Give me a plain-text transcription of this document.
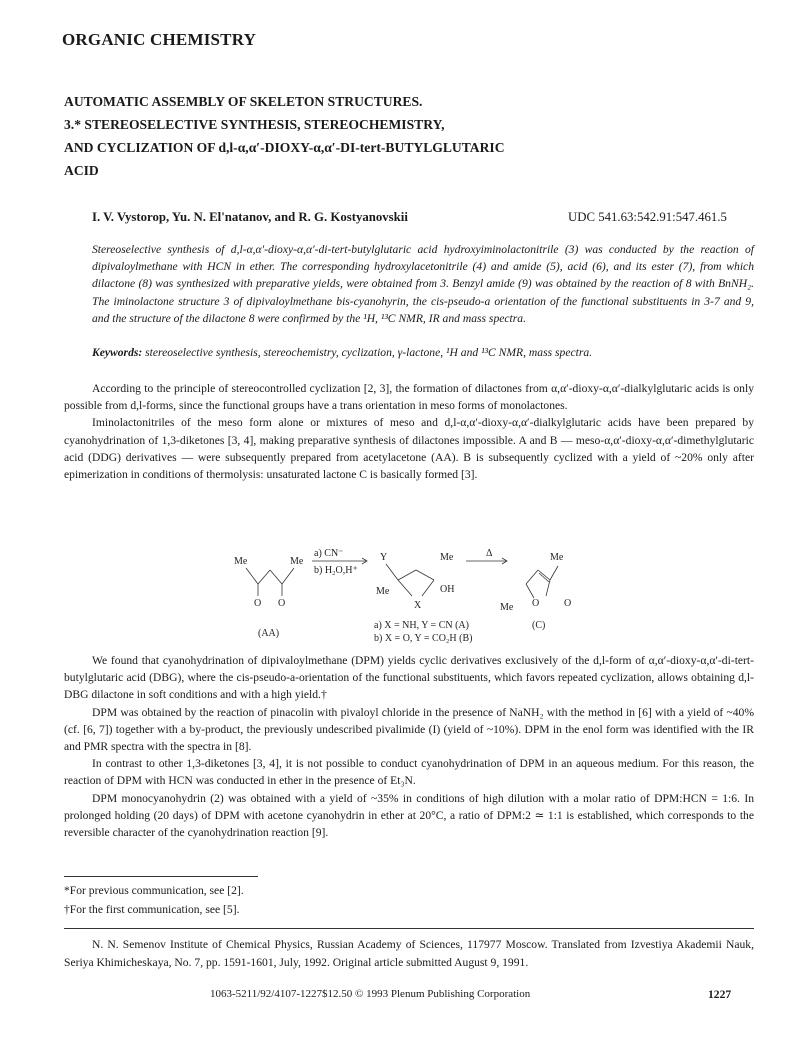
ORGANIC CHEMISTRY
AUTOMATIC ASSEMBLY OF SKELETON STRUCTURES.
3.* STEREOSELECTIVE SYNTHESIS, STEREOCHEMISTRY,
AND CYCLIZATION OF d,l-α,α′-DIOXY-α,α′-DI-tert-BUTYLGLUTARIC
ACID
I. V. Vystorop, Yu. N. El'natanov, and R. G. Kostyanovskii	UDC 541.63:542.91:547.461.5
Stereoselective synthesis of d,l-α,α′-dioxy-α,α′-di-tert-butylglutaric acid hydroxyiminolactonitrile (3) was conducted by the reaction of dipivaloylmethane with HCN in ether. The corresponding hydroxylacetonitrile (4) and amide (5), acid (6), and its ester (7), from which dilactone (8) was synthesized with preparative yields, were obtained from 3. Benzyl amide (9) was obtained by the reaction of 8 with BnNH₂. The iminolactone structure 3 of dipivaloylmethane bis-cyanohyrin, the cis-pseudo-a orientation of the functional substituents in 3-7 and 9, and the structure of the dilactone 8 were confirmed by the ¹H, ¹³C NMR, IR and mass spectra.
Keywords: stereoselective synthesis, stereochemistry, cyclization, γ-lactone, ¹H and ¹³C NMR, mass spectra.

According to the principle of stereocontrolled cyclization [2, 3], the formation of dilactones from α,α′-dioxy-α,α′-dialkylglutaric acids is only possible from d,l-forms, since the functional groups have a trans orientation in meso forms of monolactones.

Iminolactonitriles of the meso form alone or mixtures of meso and d,l-α,α′-dioxy-α,α′-dialkylglutaric acids have been prepared by cyanohydrination of 1,3-diketones [3, 4], making preparative synthesis of dilactones impossible. A and B — meso-α,α′-dioxy-α,α′-dimethylglutaric acid (DDG) derivatives — were subsequently prepared from acetylacetone (AA). B is subsequently cyclized with a yield of ~20% only after epimerization in conditions of thermolysis: unsaturated lactone C is basically formed [3].

Me	Me
O O
(AA)
a) CN⁻
b) H₂O,H⁺
Y	Me
Me	OH
X
a) X = NH, Y = CN (A)
b) X = O, Y = CO₂H (B)
Δ	Me
Me O O
(C)

We found that cyanohydrination of dipivaloylmethane (DPM) yields cyclic derivatives exclusively of the d,l-form of α,α′-dioxy-α,α′-di-tert-butylglutaric acid (DBG), where the cis-pseudo-a-orientation of the functional substituents, which favors repeated cyclization, allows obtaining d,l-DBG dilactone in soft conditions and with a high yield.†

DPM was obtained by the reaction of pinacolin with pivaloyl chloride in the presence of NaNH₂ with the method in [6] with a yield of ~40% (cf. [6, 7]) together with a by-product, the previously undescribed pivalimide (I) (yield of ~10%). DPM in the enol form was identified with the IR and PMR spectra with the spectra in [8].

In contrast to other 1,3-diketones [3, 4], it is not possible to conduct cyanohydrination of DPM in an aqueous medium. For this reason, the reaction of DPM with HCN was conducted in ether in the presence of Et₃N.

DPM monocyanohydrin (2) was obtained with a yield of ~35% in conditions of high dilution with a molar ratio of DPM:HCN = 1:6. In prolonged holding (20 days) of DPM with acetone cyanohydrin in ether at 20°C, a ratio of DPM:2 ≃ 1:1 is established, which corresponds to the reversible character of the cyanohydrination reaction [9].

*For previous communication, see [2].
†For the first communication, see [5].
N. N. Semenov Institute of Chemical Physics, Russian Academy of Sciences, 117977 Moscow. Translated from Izvestiya Akademii Nauk, Seriya Khimicheskaya, No. 7, pp. 1591-1601, July, 1992. Original article submitted August 9, 1991.
1063-5211/92/4107-1227$12.50 © 1993 Plenum Publishing Corporation	1227
